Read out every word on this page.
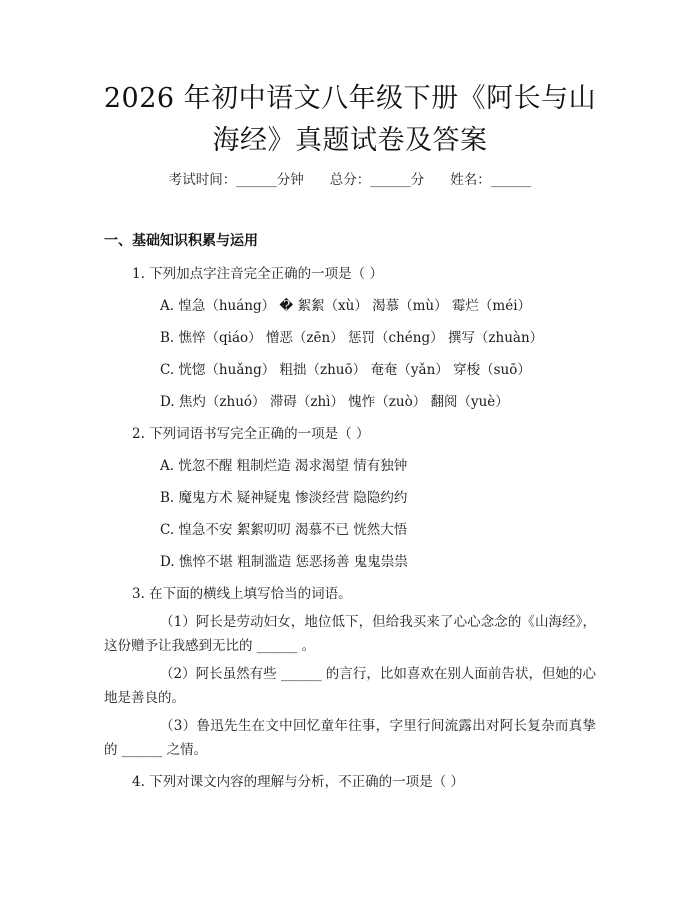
2026 年初中语文八年级下册《阿长与山海经》真题试卷及答案
考试时间：______分钟 总分：______分 姓名：______
一、基础知识积累与运用
1. 下列加点字注音完全正确的一项是（ ）
A. 惶急（huáng） � 絮絮（xù） 渴慕（mù） 霉烂（méi）
B. 憔悴（qiáo） 憎恶（zēn） 惩罚（chéng） 撰写（zhuàn）
C. 恍惚（huǎng） 粗拙（zhuō） 奄奄（yǎn） 穿梭（suō）
D. 焦灼（zhuó） 滞碍（zhì） 愧怍（zuò） 翻阅（yuè）
2. 下列词语书写完全正确的一项是（ ）
A. 恍忽不醒 粗制烂造 渴求渴望 情有独钟
B. 魔鬼方术 疑神疑鬼 惨淡经营 隐隐约约
C. 惶急不安 絮絮叨叨 渴慕不已 恍然大悟
D. 憔悴不堪 粗制滥造 惩恶扬善 鬼鬼祟祟
3. 在下面的横线上填写恰当的词语。
（1）阿长是劳动妇女，地位低下，但给我买来了心心念念的《山海经》，这份赠予让我感到无比的 ______ 。
（2）阿长虽然有些 ______ 的言行，比如喜欢在别人面前告状，但她的心地是善良的。
（3）鲁迅先生在文中回忆童年往事，字里行间流露出对阿长复杂而真挚的 ______ 之情。
4. 下列对课文内容的理解与分析，不正确的一项是（ ）
